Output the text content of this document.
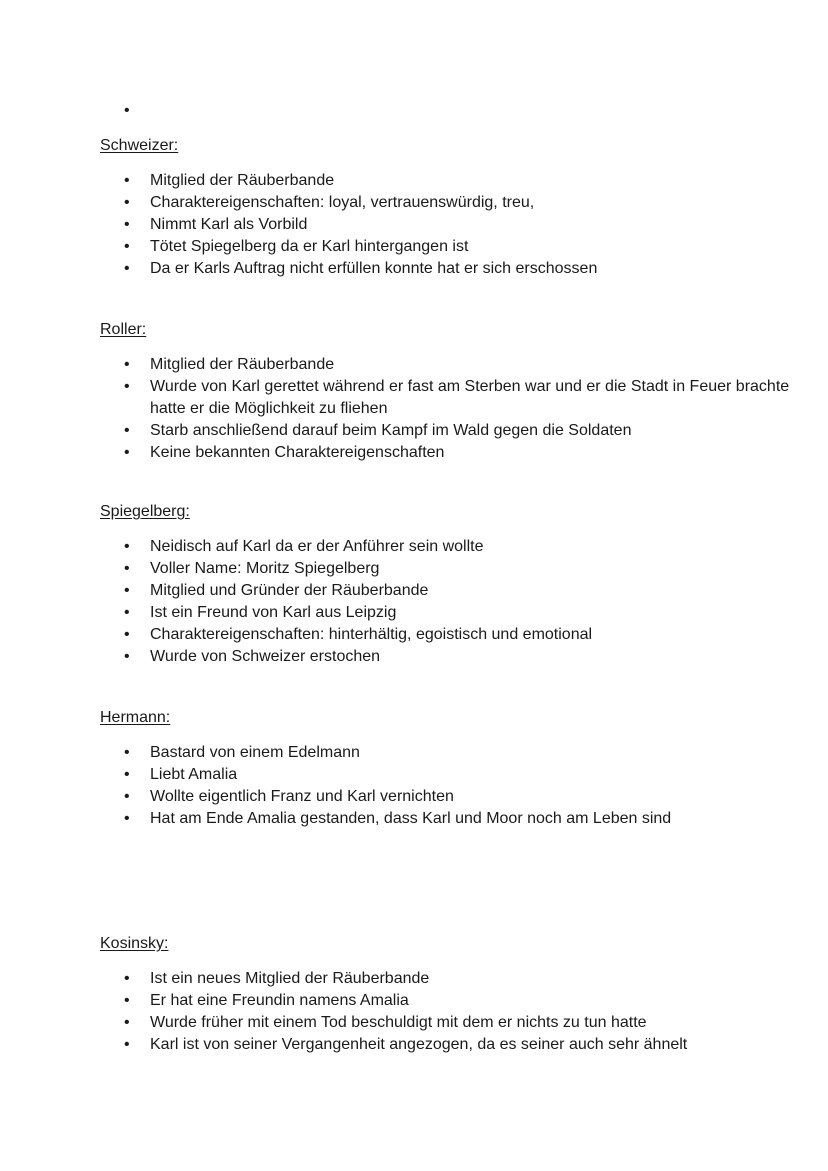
•
Schweizer:
• Mitglied der Räuberbande
• Charaktereigenschaften: loyal, vertrauenswürdig, treu,
• Nimmt Karl als Vorbild
• Tötet Spiegelberg da er Karl hintergangen ist
• Da er Karls Auftrag nicht erfüllen konnte hat er sich erschossen
Roller:
• Mitglied der Räuberbande
• Wurde von Karl gerettet während er fast am Sterben war und er die Stadt in Feuer brachte hatte er die Möglichkeit zu fliehen
• Starb anschließend darauf beim Kampf im Wald gegen die Soldaten
• Keine bekannten Charaktereigenschaften
Spiegelberg:
• Neidisch auf Karl da er der Anführer sein wollte
• Voller Name: Moritz Spiegelberg
• Mitglied und Gründer der Räuberbande
• Ist ein Freund von Karl aus Leipzig
• Charaktereigenschaften: hinterhältig, egoistisch und emotional
• Wurde von Schweizer erstochen
Hermann:
• Bastard von einem Edelmann
• Liebt Amalia
• Wollte eigentlich Franz und Karl vernichten
• Hat am Ende Amalia gestanden, dass Karl und Moor noch am Leben sind
Kosinsky:
• Ist ein neues Mitglied der Räuberbande
• Er hat eine Freundin namens Amalia
• Wurde früher mit einem Tod beschuldigt mit dem er nichts zu tun hatte
• Karl ist von seiner Vergangenheit angezogen, da es seiner auch sehr ähnelt
